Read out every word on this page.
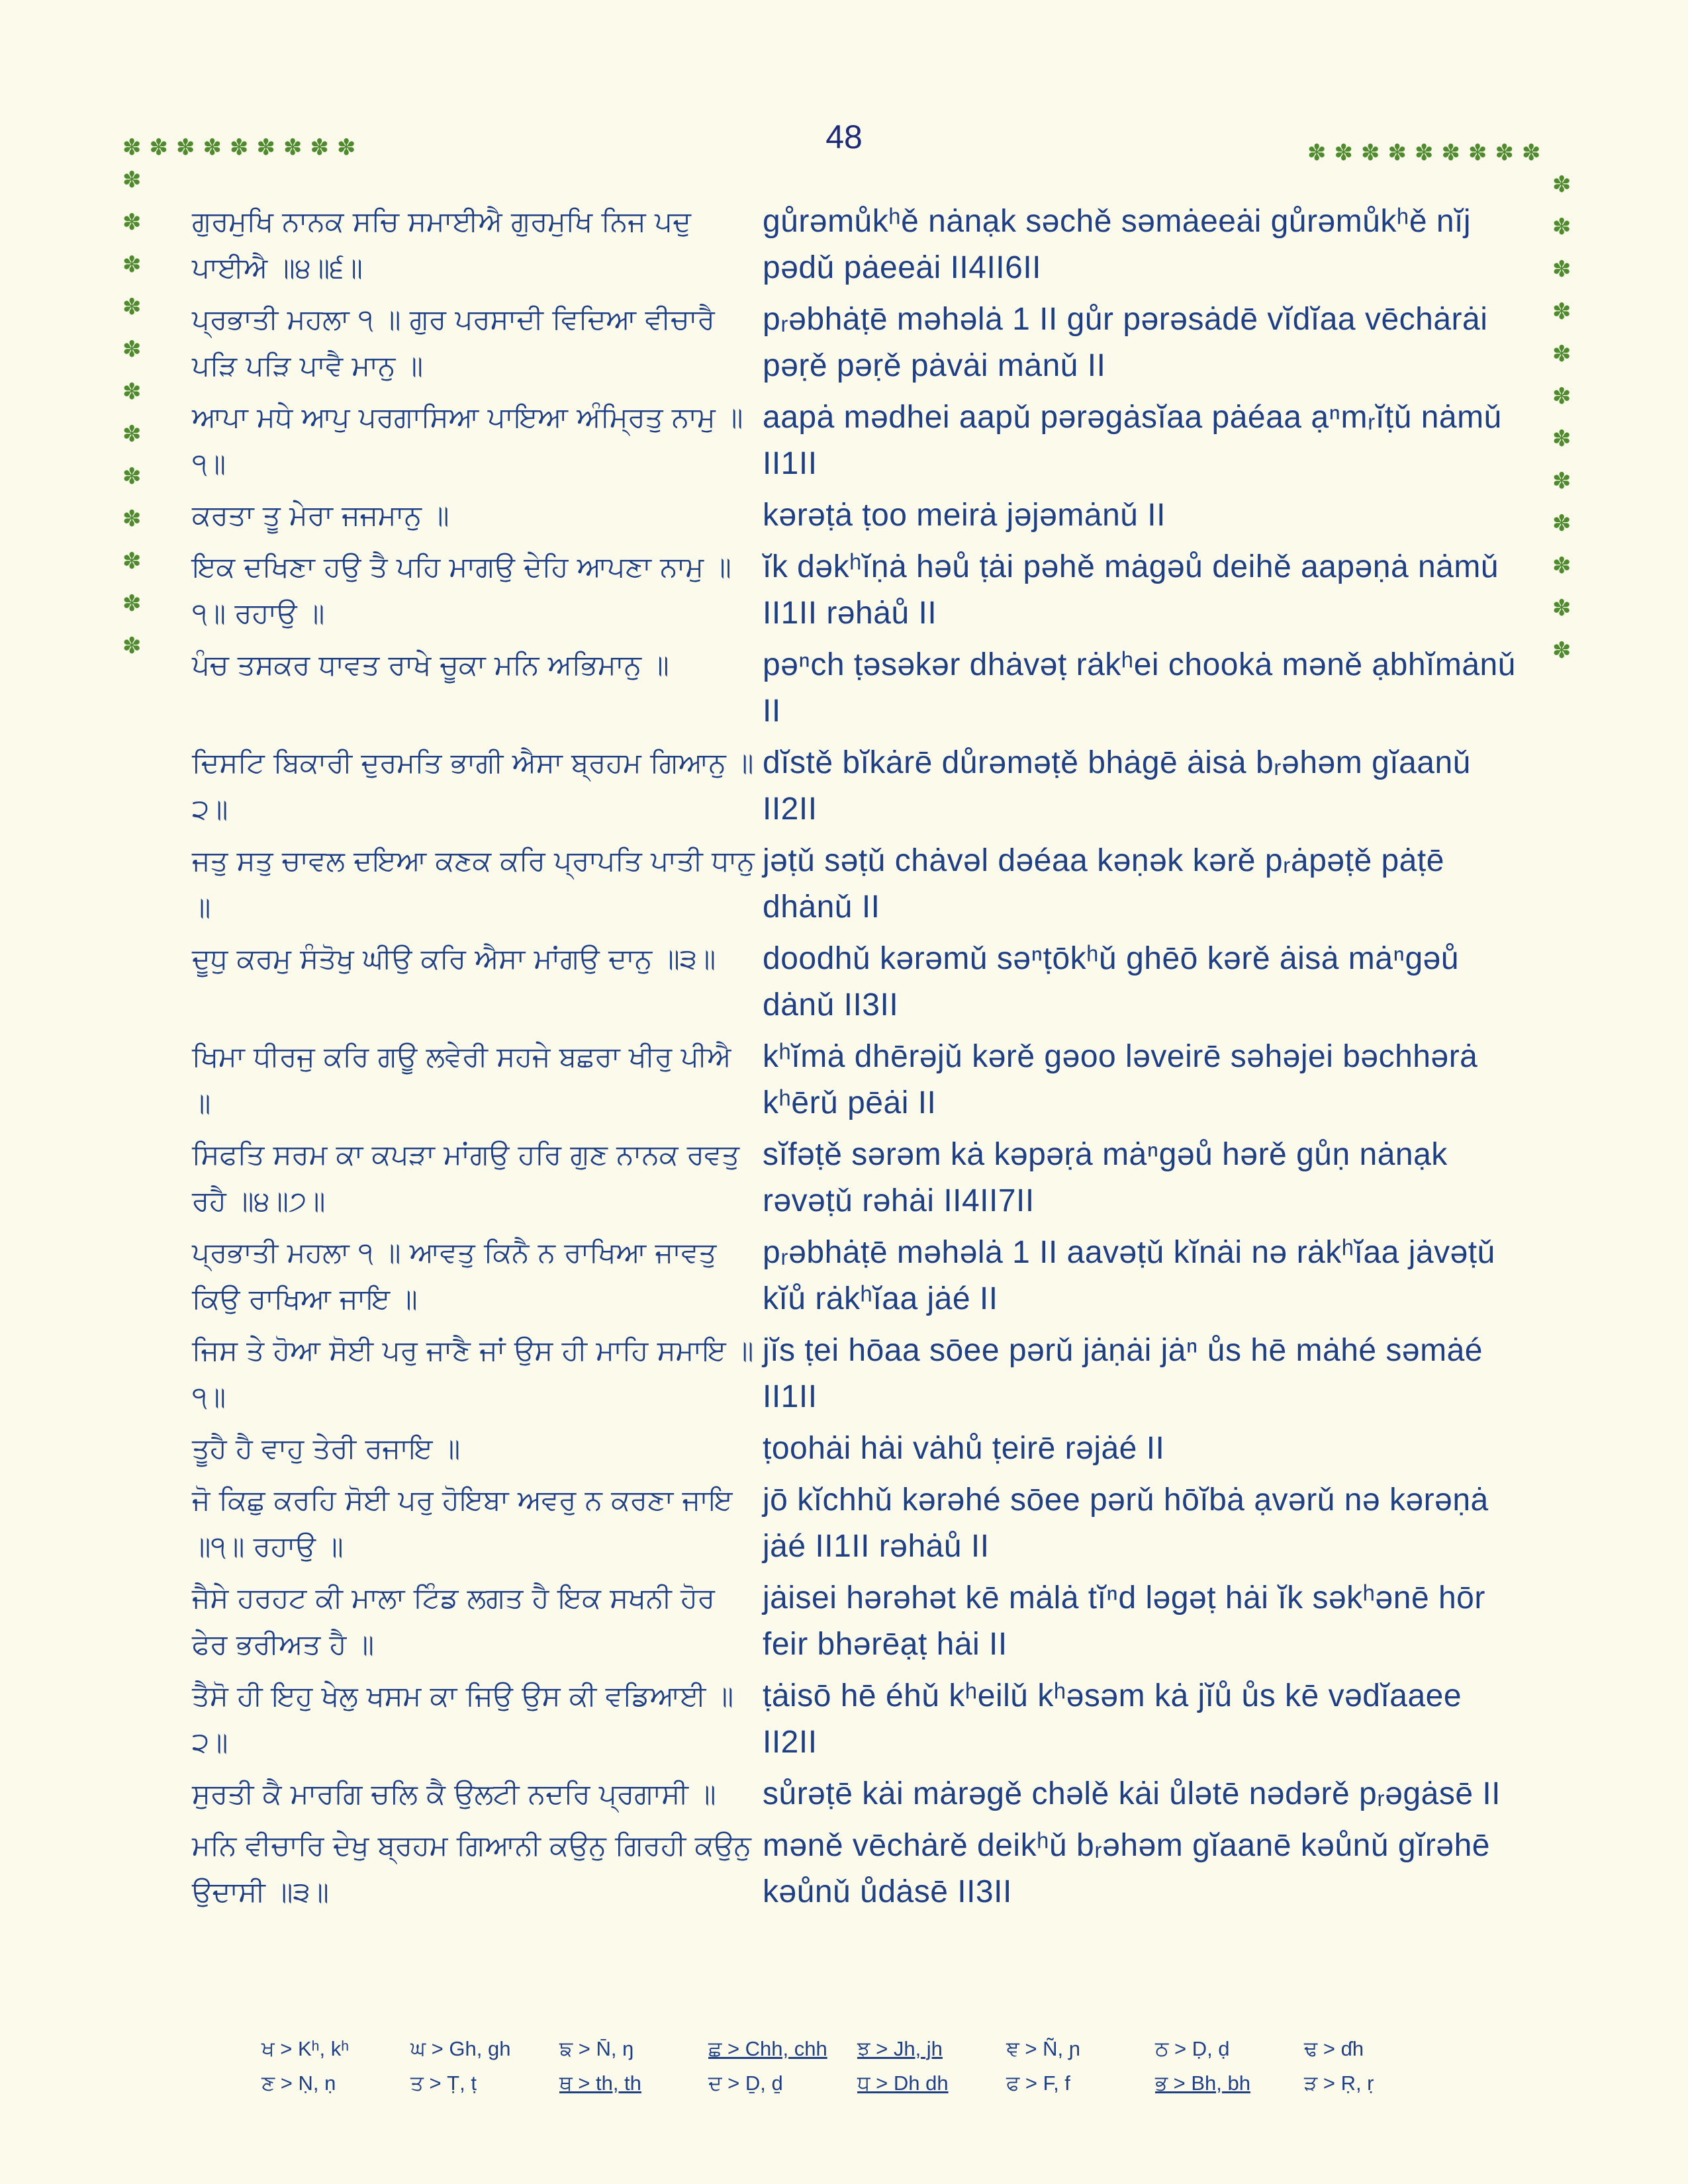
48
✽ ✽ ✽ ✽ ✽ ✽ ✽ ✽ ✽	✽ ✽ ✽ ✽ ✽ ✽ ✽ ✽ ✽
✽
✽
✽
✽
✽
✽
✽
✽
✽
✽
✽
✽
✽
✽
✽
✽
✽
✽
✽
✽
✽
✽
✽
✽
ਗੁਰਮੁਖਿ ਨਾਨਕ ਸਚਿ ਸਮਾਈਐ ਗੁਰਮੁਖਿ ਨਿਜ ਪਦੁ ਪਾਈਐ ॥੪॥੬॥
gůrəmůkʰě nȧnạk səchě səmȧeeȧi gůrəmůkʰě nĭj pədǔ pȧeeȧi II4II6II
ਪ੍ਰਭਾਤੀ ਮਹਲਾ ੧ ॥ ਗੁਰ ਪਰਸਾਦੀ ਵਿਦਿਆ ਵੀਚਾਰੈ ਪੜਿ ਪੜਿ ਪਾਵੈ ਮਾਨੁ ॥
pᵣəbhȧṭē məhəlȧ 1 II gůr pərəsȧdē vĭdĭaa vēchȧrȧi pəṛě pəṛě pȧvȧi mȧnǔ II
ਆਪਾ ਮਧੇ ਆਪੁ ਪਰਗਾਸਿਆ ਪਾਇਆ ਅੰਮ੍ਰਿਤੁ ਨਾਮੁ ॥੧॥
aapȧ mədhei aapǔ pərəgȧsĭaa pȧéaa ạⁿmᵣĭṭǔ nȧmǔ II1II
ਕਰਤਾ ਤੂ ਮੇਰਾ ਜਜਮਾਨੁ ॥	kərəṭȧ ṭoo meirȧ jəjəmȧnǔ II
ਇਕ ਦਖਿਣਾ ਹਉ ਤੈ ਪਹਿ ਮਾਗਉ ਦੇਹਿ ਆਪਣਾ ਨਾਮੁ ॥੧॥ ਰਹਾਉ ॥
ĭk dəkʰĭṇȧ həů ṭȧi pəhě mȧgəů deihě aapəṇȧ nȧmǔ II1II rəhȧů II
ਪੰਚ ਤਸਕਰ ਧਾਵਤ ਰਾਖੇ ਚੂਕਾ ਮਨਿ ਅਭਿਮਾਨੁ ॥	pəⁿch ṭəsəkər dhȧvəṭ rȧkʰei chookȧ məně ạbhĭmȧnǔ II
ਦਿਸਟਿ ਬਿਕਾਰੀ ਦੁਰਮਤਿ ਭਾਗੀ ਐਸਾ ਬ੍ਰਹਮ ਗਿਆਨੁ ॥੨॥
dĭstě bĭkȧrē důrəməṭě bhȧgē ȧisȧ bᵣəhəm gĭaanǔ II2II
ਜਤੁ ਸਤੁ ਚਾਵਲ ਦਇਆ ਕਣਕ ਕਰਿ ਪ੍ਰਾਪਤਿ ਪਾਤੀ ਧਾਨੁ ॥
jəṭǔ səṭǔ chȧvəl dəéaa kəṇək kərě pᵣȧpəṭě pȧṭē dhȧnǔ II
ਦੂਧੁ ਕਰਮੁ ਸੰਤੋਖੁ ਘੀਉ ਕਰਿ ਐਸਾ ਮਾਂਗਉ ਦਾਨੁ ॥੩॥	doodhǔ kərəmǔ səⁿṭōkʰǔ ghēō kərě ȧisȧ mȧⁿgəů dȧnǔ II3II
ਖਿਮਾ ਧੀਰਜੁ ਕਰਿ ਗਊ ਲਵੇਰੀ ਸਹਜੇ ਬਛਰਾ ਖੀਰੁ ਪੀਐ ॥
kʰĭmȧ dhērəjǔ kərě gəoo ləveirē səhəjei bəchhərȧ kʰērǔ pēȧi II
ਸਿਫਤਿ ਸਰਮ ਕਾ ਕਪੜਾ ਮਾਂਗਉ ਹਰਿ ਗੁਣ ਨਾਨਕ ਰਵਤੁ ਰਹੈ ॥੪॥੭॥
sĭfəṭě sərəm kȧ kəpəṛȧ mȧⁿgəů hərě gůṇ nȧnạk rəvəṭǔ rəhȧi II4II7II
ਪ੍ਰਭਾਤੀ ਮਹਲਾ ੧ ॥ ਆਵਤੁ ਕਿਨੈ ਨ ਰਾਖਿਆ ਜਾਵਤੁ ਕਿਉ ਰਾਖਿਆ ਜਾਇ ॥
pᵣəbhȧṭē məhəlȧ 1 II aavəṭǔ kĭnȧi nə rȧkʰĭaa jȧvəṭǔ kĭů rȧkʰĭaa jȧé II
ਜਿਸ ਤੇ ਹੋਆ ਸੋਈ ਪਰੁ ਜਾਣੈ ਜਾਂ ਉਸ ਹੀ ਮਾਹਿ ਸਮਾਇ ॥੧॥
jĭs ṭei hōaa sōee pərǔ jȧṇȧi jȧⁿ ůs hē mȧhé səmȧé II1II
ਤੂਹੈ ਹੈ ਵਾਹੁ ਤੇਰੀ ਰਜਾਇ ॥	ṭoohȧi hȧi vȧhů ṭeirē rəjȧé II
ਜੋ ਕਿਛੁ ਕਰਹਿ ਸੋਈ ਪਰੁ ਹੋਇਬਾ ਅਵਰੁ ਨ ਕਰਣਾ ਜਾਇ ॥੧॥ ਰਹਾਉ ॥
jō kĭchhǔ kərəhé sōee pərǔ hōĭbȧ ạvərǔ nə kərəṇȧ jȧé II1II rəhȧů II
ਜੈਸੇ ਹਰਹਟ ਕੀ ਮਾਲਾ ਟਿੰਡ ਲਗਤ ਹੈ ਇਕ ਸਖਨੀ ਹੋਰ ਫੇਰ ਭਰੀਅਤ ਹੈ ॥
jȧisei hərəhət kē mȧlȧ tĭⁿd ləgəṭ hȧi ĭk səkʰənē hōr feir bhərēạṭ hȧi II
ਤੈਸੋ ਹੀ ਇਹੁ ਖੇਲੁ ਖਸਮ ਕਾ ਜਿਉ ਉਸ ਕੀ ਵਡਿਆਈ ॥੨॥
ṭȧisō hē éhǔ kʰeilǔ kʰəsəm kȧ jĭů ůs kē vədĭaaee II2II
ਸੁਰਤੀ ਕੈ ਮਾਰਗਿ ਚਲਿ ਕੈ ਉਲਟੀ ਨਦਰਿ ਪ੍ਰਗਾਸੀ ॥	sůrəṭē kȧi mȧrəgě chəlě kȧi ůlətē nədərě pᵣəgȧsē II
ਮਨਿ ਵੀਚਾਰਿ ਦੇਖੁ ਬ੍ਰਹਮ ਗਿਆਨੀ ਕਉਨੁ ਗਿਰਹੀ ਕਉਨੁ ਉਦਾਸੀ ॥੩॥
məně vēchȧrě deikʰǔ bᵣəhəm gĭaanē kəůnǔ gĭrəhē kəůnǔ ůdȧsē II3II
ਖ > Kʰ, kʰ	ਘ > Gh, gh	ਙ > N̄, ŋ	ਛ > Chh, chh	ਝ > Jh, jh	ਞ > Ñ, ɲ	ਠ > Ḍ, ḍ	ਢ > ɗh
ਣ > Ṇ, ṇ	ਤ > Ṭ, ṭ	ਥ > th, th	ਦ > Ḏ, ḏ	ਧ > Dh dh	ਫ > F, f	ਭ > Bh, bh	ੜ > Ṛ, ṛ
